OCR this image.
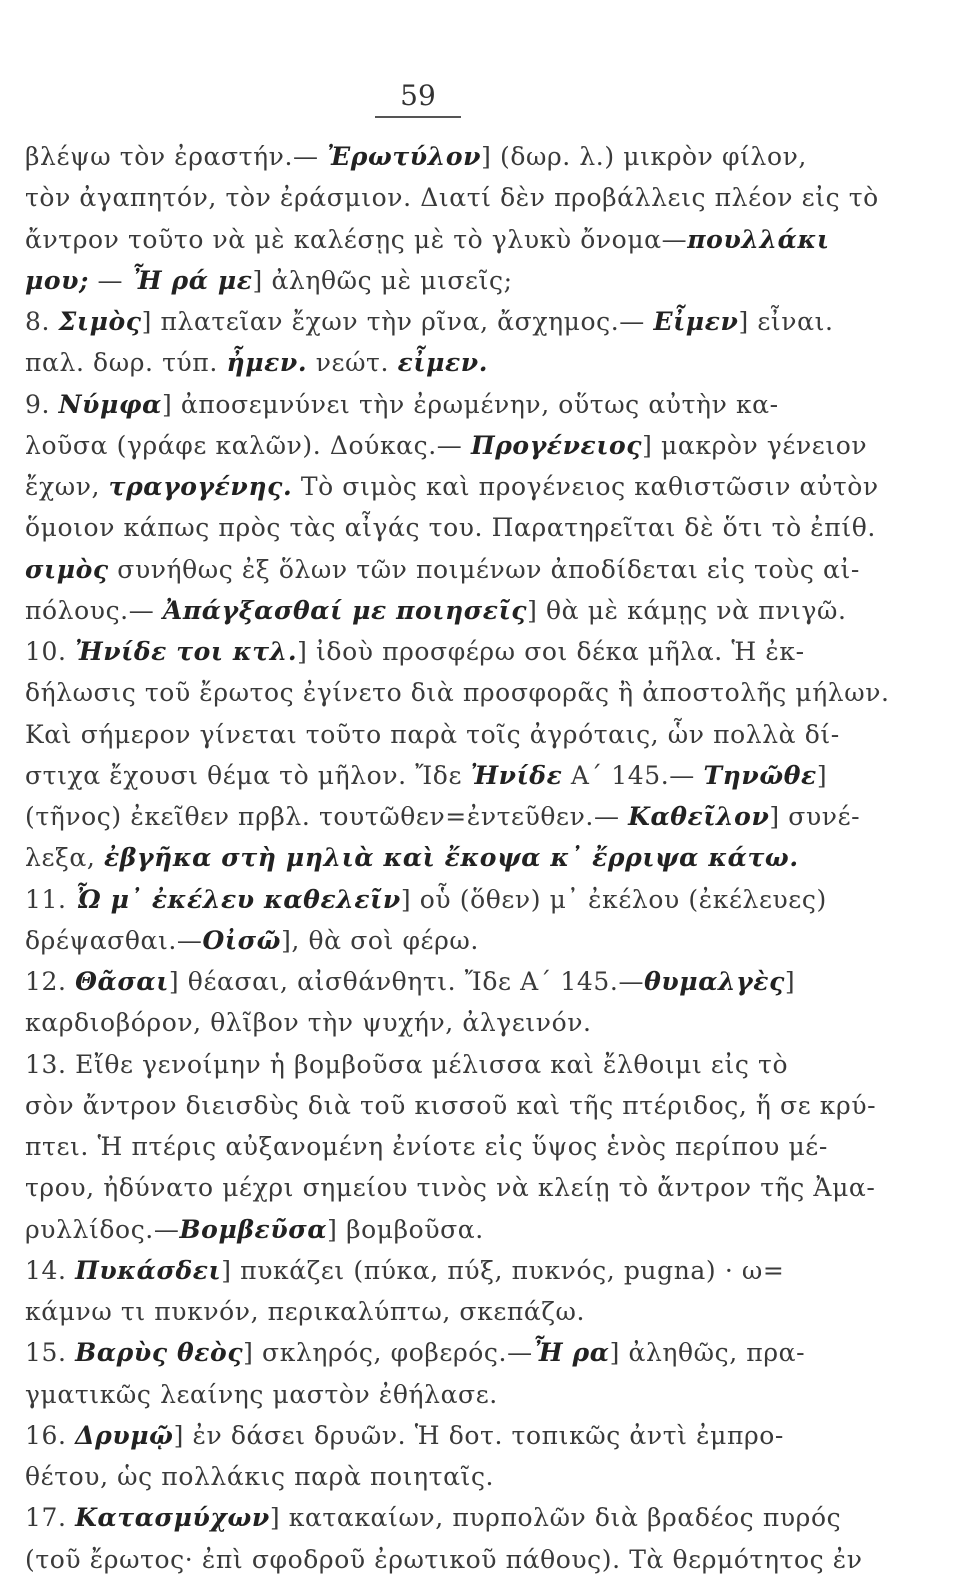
59
βλέψω τὸν ἐραστήν.— Ἐρωτύλον] (δωρ. λ.) μικρὸν φίλον,
τὸν ἀγαπητόν, τὸν ἐράσμιον. Διατί δὲν προβάλλεις πλέον εἰς τὸ
ἄντρον τοῦτο νὰ μὲ καλέσῃς μὲ τὸ γλυκὺ ὄνομα—πουλλάκι
μου; — Ἦ ρά με] ἀληθῶς μὲ μισεῖς;
8. Σιμὸς] πλατεῖαν ἔχων τὴν ρῖνα, ἄσχημος.— Εἶμεν] εἶναι.
παλ. δωρ. τύπ. ἦμεν. νεώτ. εἶμεν.
9. Νύμφα] ἀποσεμνύνει τὴν ἐρωμένην, οὕτως αὐτὴν κα-
λοῦσα (γράφε καλῶν). Δούκας.— Προγένειος] μακρὸν γένειον
ἔχων, τραγογένης. Τὸ σιμὸς καὶ προγένειος καθιστῶσιν αὐτὸν
ὅμοιον κάπως πρὸς τὰς αἶγάς του. Παρατηρεῖται δὲ ὅτι τὸ ἐπίθ.
σιμὸς συνήθως ἐξ ὅλων τῶν ποιμένων ἀποδίδεται εἰς τοὺς αἰ-
πόλους.— Ἀπάγξασθαί με ποιησεῖς] θὰ μὲ κάμῃς νὰ πνιγῶ.
10. Ἠνίδε τοι κτλ.] ἰδοὺ προσφέρω σοι δέκα μῆλα. Ἡ ἐκ-
δήλωσις τοῦ ἔρωτος ἐγίνετο διὰ προσφορᾶς ἢ ἀποστολῆς μήλων.
Καὶ σήμερον γίνεται τοῦτο παρὰ τοῖς ἀγρόταις, ὧν πολλὰ δί-
στιχα ἔχουσι θέμα τὸ μῆλον. Ἴδε Ἠνίδε Α΄ 145.— Τηνῶθε]
(τῆνος) ἐκεῖθεν πρβλ. τουτῶθεν=ἐντεῦθεν.— Καθεῖλον] συνέ-
λεξα, ἐβγῆκα στὴ μηλιὰ καὶ ἔκοψα κ᾽ ἔρριψα κάτω.
11. Ὦ μ᾽ ἐκέλευ καθελεῖν] οὗ (ὅθεν) μ᾽ ἐκέλου (ἐκέλευες)
δρέψασθαι.—Οἰσῶ], θὰ σοὶ φέρω.
12. Θᾶσαι] θέασαι, αἰσθάνθητι. Ἴδε Α΄ 145.—θυμαλγὲς]
καρδιοβόρον, θλῖβον τὴν ψυχήν, ἀλγεινόν.
13. Εἴθε γενοίμην ἡ βομβοῦσα μέλισσα καὶ ἔλθοιμι εἰς τὸ
σὸν ἄντρον διεισδὺς διὰ τοῦ κισσοῦ καὶ τῆς πτέριδος, ἥ σε κρύ-
πτει. Ἡ πτέρις αὐξανομένη ἐνίοτε εἰς ὕψος ἑνὸς περίπου μέ-
τρου, ἠδύνατο μέχρι σημείου τινὸς νὰ κλείῃ τὸ ἄντρον τῆς Ἀμα-
ρυλλίδος.—Βομβεῦσα] βομβοῦσα.
14. Πυκάσδει] πυκάζει (πύκα, πύξ, πυκνός, pugna) · ω=
κάμνω τι πυκνόν, περικαλύπτω, σκεπάζω.
15. Βαρὺς θεὸς] σκληρός, φοβερός.—Ἦ ρα] ἀληθῶς, πρα-
γματικῶς λεαίνης μαστὸν ἐθήλασε.
16. Δρυμῷ] ἐν δάσει δρυῶν. Ἡ δοτ. τοπικῶς ἀντὶ ἐμπρο-
θέτου, ὡς πολλάκις παρὰ ποιηταῖς.
17. Κατασμύχων] κατακαίων, πυρπολῶν διὰ βραδέος πυρός
(τοῦ ἔρωτος· ἐπὶ σφοδροῦ ἐρωτικοῦ πάθους). Τὰ θερμότητος ἐν
